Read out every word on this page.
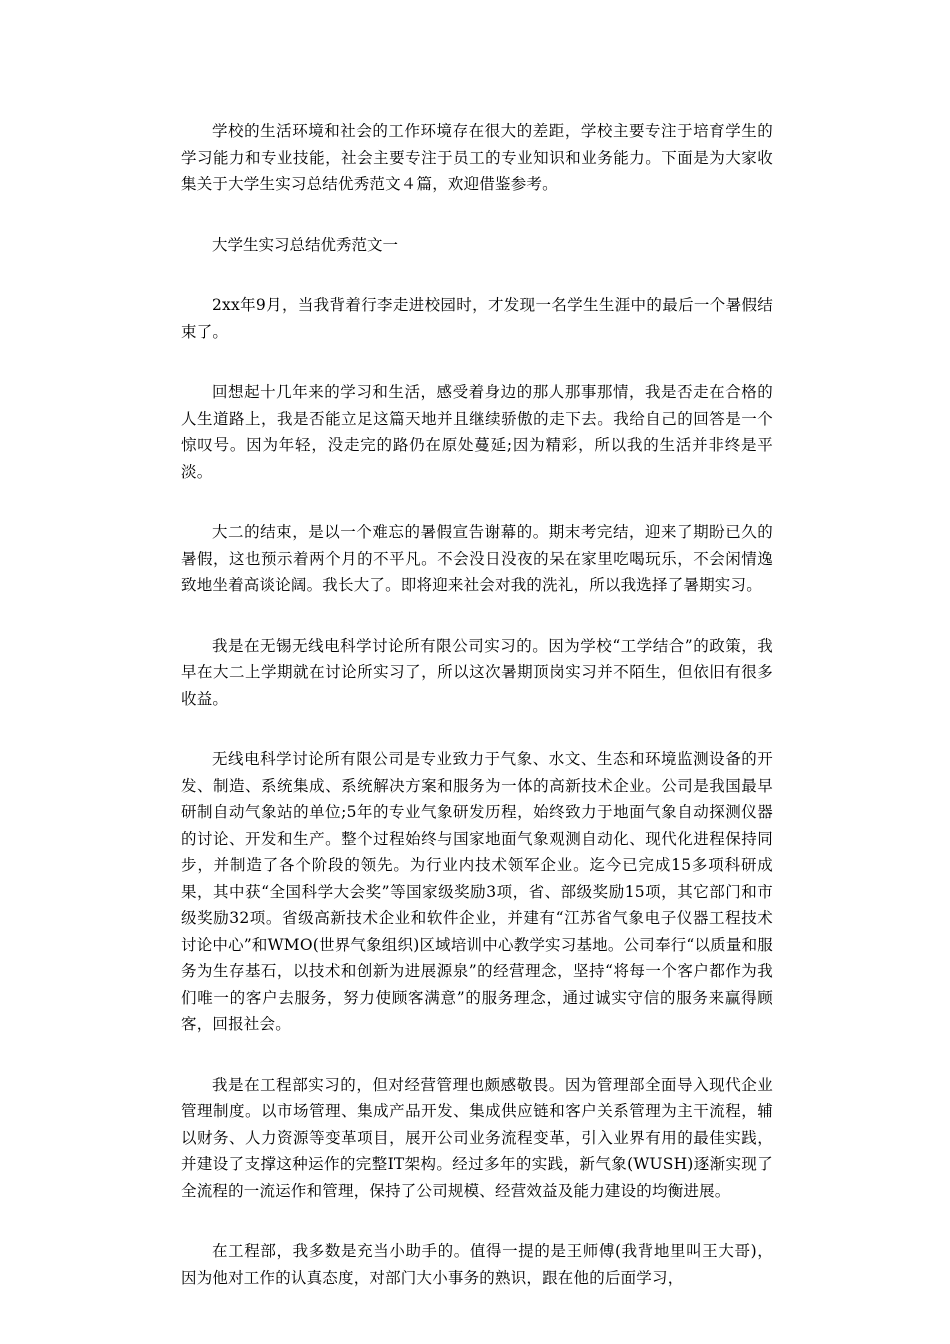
学校的生活环境和社会的工作环境存在很大的差距，学校主要专注于培育学生的学习能力和专业技能，社会主要专注于员工的专业知识和业务能力。下面是为大家收集关于大学生实习总结优秀范文４篇，欢迎借鉴参考。

大学生实习总结优秀范文一

2xx年9月，当我背着行李走进校园时，才发现一名学生生涯中的最后一个暑假结束了。

回想起十几年来的学习和生活，感受着身边的那人那事那情，我是否走在合格的人生道路上，我是否能立足这篇天地并且继续骄傲的走下去。我给自己的回答是一个惊叹号。因为年轻，没走完的路仍在原处蔓延;因为精彩，所以我的生活并非终是平淡。

大二的结束，是以一个难忘的暑假宣告谢幕的。期末考完结，迎来了期盼已久的暑假，这也预示着两个月的不平凡。不会没日没夜的呆在家里吃喝玩乐，不会闲情逸致地坐着高谈论阔。我长大了。即将迎来社会对我的洗礼，所以我选择了暑期实习。

我是在无锡无线电科学讨论所有限公司实习的。因为学校“工学结合”的政策，我早在大二上学期就在讨论所实习了，所以这次暑期顶岗实习并不陌生，但依旧有很多收益。

无线电科学讨论所有限公司是专业致力于气象、水文、生态和环境监测设备的开发、制造、系统集成、系统解决方案和服务为一体的高新技术企业。公司是我国最早研制自动气象站的单位;5年的专业气象研发历程，始终致力于地面气象自动探测仪器的讨论、开发和生产。整个过程始终与国家地面气象观测自动化、现代化进程保持同步，并制造了各个阶段的领先。为行业内技术领军企业。迄今已完成15多项科研成果，其中获“全国科学大会奖”等国家级奖励3项，省、部级奖励15项，其它部门和市级奖励32项。省级高新技术企业和软件企业，并建有“江苏省气象电子仪器工程技术讨论中心”和WMO(世界气象组织)区域培训中心教学实习基地。公司奉行“以质量和服务为生存基石，以技术和创新为进展源泉”的经营理念，坚持“将每一个客户都作为我们唯一的客户去服务，努力使顾客满意”的服务理念，通过诚实守信的服务来赢得顾客，回报社会。

我是在工程部实习的，但对经营管理也颇感敬畏。因为管理部全面导入现代企业管理制度。以市场管理、集成产品开发、集成供应链和客户关系管理为主干流程，辅以财务、人力资源等变革项目，展开公司业务流程变革，引入业界有用的最佳实践，并建设了支撑这种运作的完整IT架构。经过多年的实践，新气象(WUSH)逐渐实现了全流程的一流运作和管理，保持了公司规模、经营效益及能力建设的均衡进展。

在工程部，我多数是充当小助手的。值得一提的是王师傅(我背地里叫王大哥)，因为他对工作的认真态度，对部门大小事务的熟识，跟在他的后面学习，
